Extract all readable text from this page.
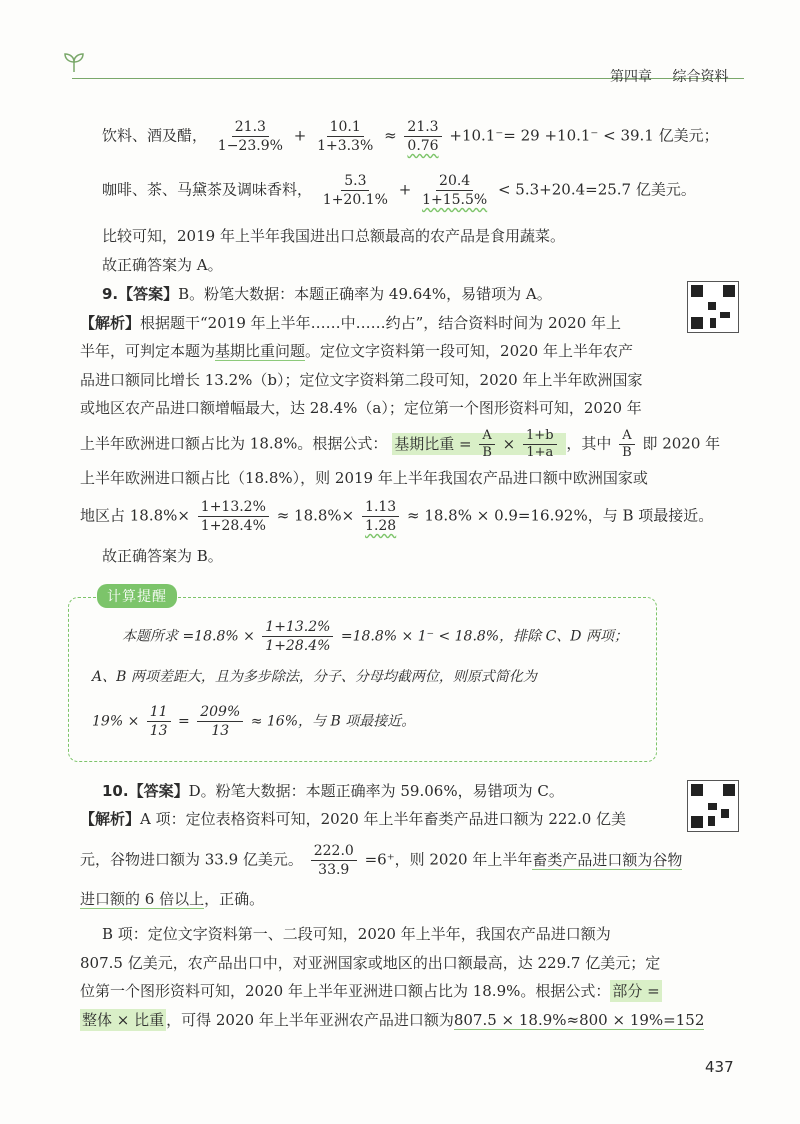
第四章 综合资料
饮料、酒及醋， $\frac{21.3}{1-23.9\%} + \frac{10.1}{1+3.3\%} \approx \frac{21.3}{0.76} +10.1^-= 29 +10.1^- < 39.1$ 亿美元；
咖啡、茶、马黛茶及调味香料， $\frac{5.3}{1+20.1\%} + \frac{20.4}{1+15.5\%} < 5.3+20.4=25.7$ 亿美元。
比较可知，2019 年上半年我国进出口总额最高的农产品是食用蔬菜。
故正确答案为 A。
9.【答案】B。粉笔大数据：本题正确率为 49.64%，易错项为 A。
【解析】根据题干“2019 年上半年……中……约占”，结合资料时间为 2020 年上
半年，可判定本题为基期比重问题。定位文字资料第一段可知，2020 年上半年农产
品进口额同比增长 13.2%（b）；定位文字资料第二段可知，2020 年上半年欧洲国家
或地区农产品进口额增幅最大，达 28.4%（a）；定位第一个图形资料可知，2020 年
上半年欧洲进口额占比为 18.8%。根据公式： 基期比重 = $\frac{A}{B} \times \frac{1+b}{1+a}$ ，其中 $\frac{A}{B}$ 即 2020 年
上半年欧洲进口额占比（18.8%），则 2019 年上半年我国农产品进口额中欧洲国家或
地区占 $18.8\%\times \frac{1+13.2\%}{1+28.4\%} \approx 18.8\%\times \frac{1.13}{1.28} \approx 18.8\% \times 0.9=16.92\%$，与 B 项最接近。
故正确答案为 B。
计算提醒
本题所求 $=18.8\% \times \frac{1+13.2\%}{1+28.4\%} =18.8\% \times 1^- < 18.8\%$，排除 C、D 两项；
A、B 两项差距大，且为多步除法，分子、分母均截两位，则原式简化为
$19\% \times \frac{11}{13} = \frac{209\%}{13} \approx 16\%$，与 B 项最接近。
10.【答案】D。粉笔大数据：本题正确率为 59.06%，易错项为 C。
【解析】A 项：定位表格资料可知，2020 年上半年畜类产品进口额为 222.0 亿美
元，谷物进口额为 33.9 亿美元。 $\frac{222.0}{33.9} =6^+$，则 2020 年上半年畜类产品进口额为谷物
进口额的 6 倍以上，正确。
B 项：定位文字资料第一、二段可知，2020 年上半年，我国农产品进口额为
807.5 亿美元，农产品出口中，对亚洲国家或地区的出口额最高，达 229.7 亿美元；定
位第一个图形资料可知，2020 年上半年亚洲进口额占比为 18.9%。根据公式： 部分 =
整体 × 比重 ，可得 2020 年上半年亚洲农产品进口额为807.5 × 18.9%≈800 × 19%=152
437
